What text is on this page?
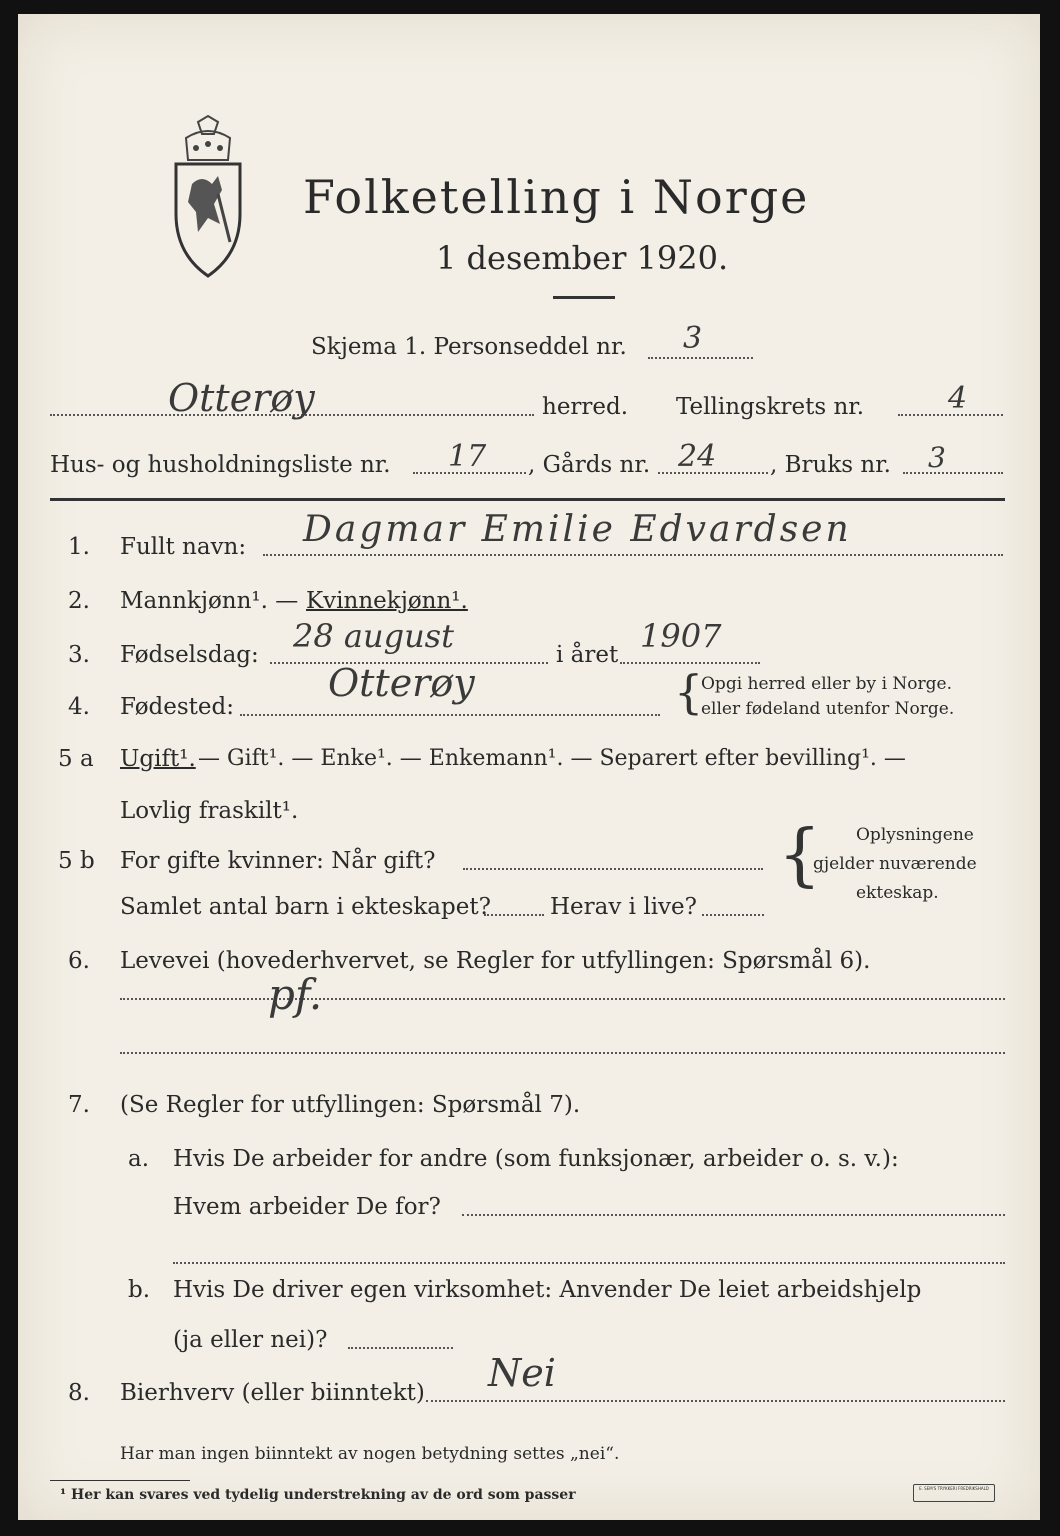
Folketelling i Norge
1 desember 1920.
Skjema 1. Personseddel nr. 3
Otterøy	herred. Tellingskrets nr.	4
Hus- og husholdningsliste nr. 17 , Gårds nr. 24 , Bruks nr. 3
1. Fullt navn: Dagmar Emilie Edvardsen
2. Mannkjønn¹. — Kvinnekjønn¹.
3. Fødselsdag: 28 august	i året 1907
4. Fødested:
Otterøy	{
Opgi herred eller by i Norge.
eller fødeland utenfor Norge.
5 a Ugift¹. — Gift¹. — Enke¹. — Enkemann¹. — Separert efter bevilling¹. —
Lovlig fraskilt¹.
5 b For gifte kvinner: Når gift?
Samlet antal barn i ekteskapet?	Herav i live?
{ Oplysningene
gjelder nuværende
ekteskap.
6. Levevei (hovederhvervet, se Regler for utfyllingen: Spørsmål 6).
pf.
7. (Se Regler for utfyllingen: Spørsmål 7).
a. Hvis De arbeider for andre (som funksjonær, arbeider o. s. v.):
Hvem arbeider De for?
b. Hvis De driver egen virksomhet: Anvender De leiet arbeidshjelp
(ja eller nei)?
8. Bierhverv (eller biinntekt) Nei
Har man ingen biinntekt av nogen betydning settes „nei“.
¹ Her kan svares ved tydelig understrekning av de ord som passer	E. SEM'S TRYKKERI FREDRIKSHALD
